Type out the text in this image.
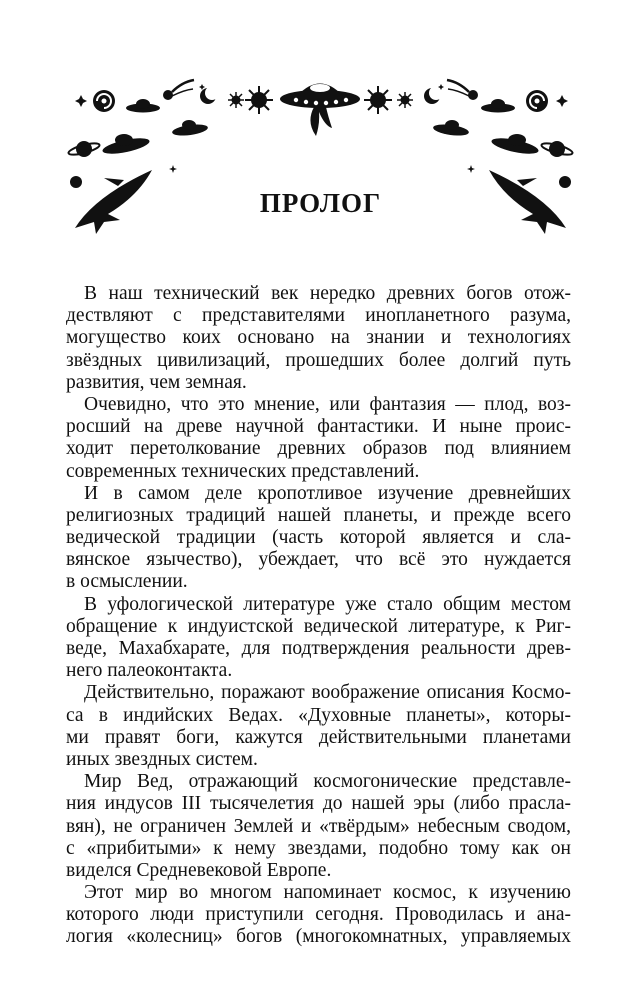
ПРОЛОГ
В наш технический век нередко древних богов отож-
дествляют с представителями инопланетного разума,
могущество коих основано на знании и технологиях
звёздных цивилизаций, прошедших более долгий путь
развития, чем земная.
Очевидно, что это мнение, или фантазия — плод, воз-
росший на древе научной фантастики. И ныне проис-
ходит перетолкование древних образов под влиянием
современных технических представлений.
И в самом деле кропотливое изучение древнейших
религиозных традиций нашей планеты, и прежде всего
ведической традиции (часть которой является и сла-
вянское язычество), убеждает, что всё это нуждается
в осмыслении.
В уфологической литературе уже стало общим местом
обращение к индуистской ведической литературе, к Риг-
веде, Махабхарате, для подтверждения реальности древ-
него палеоконтакта.
Действительно, поражают воображение описания Космо-
са в индийских Ведах. «Духовные планеты», которы-
ми правят боги, кажутся действительными планетами
иных звездных систем.
Мир Вед, отражающий космогонические представле-
ния индусов III тысячелетия до нашей эры (либо прасла-
вян), не ограничен Землей и «твёрдым» небесным сводом,
с «прибитыми» к нему звездами, подобно тому как он
виделся Средневековой Европе.
Этот мир во многом напоминает космос, к изучению
которого люди приступили сегодня. Проводилась и ана-
логия «колесниц» богов (многокомнатных, управляемых
